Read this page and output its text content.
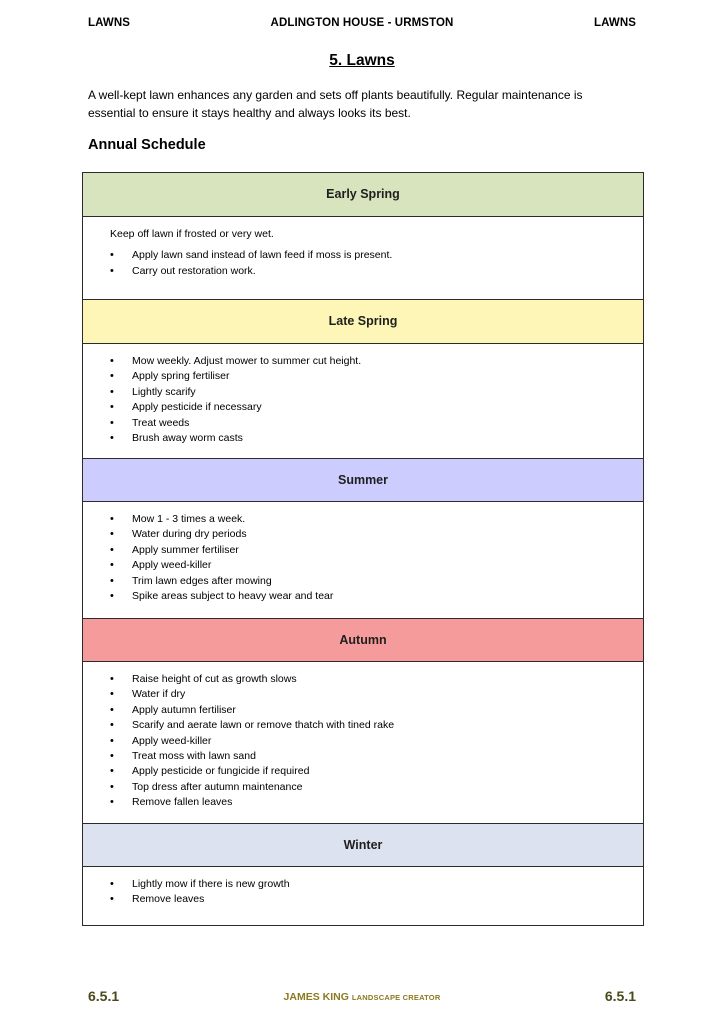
LAWNS	ADLINGTON HOUSE - URMSTON	LAWNS
5. Lawns

A well-kept lawn enhances any garden and sets off plants beautifully. Regular maintenance is

essential to ensure it stays healthy and always looks its best.

Annual Schedule
Early Spring

Keep off lawn if frosted or very wet.

• Apply lawn sand instead of lawn feed if moss is present.
• Carry out restoration work.
Late Spring
• Mow weekly. Adjust mower to summer cut height.
• Apply spring fertiliser
• Lightly scarify
• Apply pesticide if necessary
• Treat weeds
• Brush away worm casts
Summer
• Mow 1 - 3 times a week.
• Water during dry periods
• Apply summer fertiliser
• Apply weed-killer
• Trim lawn edges after mowing
• Spike areas subject to heavy wear and tear
Autumn
• Raise height of cut as growth slows
• Water if dry
• Apply autumn fertiliser
• Scarify and aerate lawn or remove thatch with tined rake
• Apply weed-killer
• Treat moss with lawn sand
• Apply pesticide or fungicide if required
• Top dress after autumn maintenance
• Remove fallen leaves
Winter
• Lightly mow if there is new growth
• Remove leaves
6.5.1	JAMES KING LANDSCAPE CREATOR	6.5.1
